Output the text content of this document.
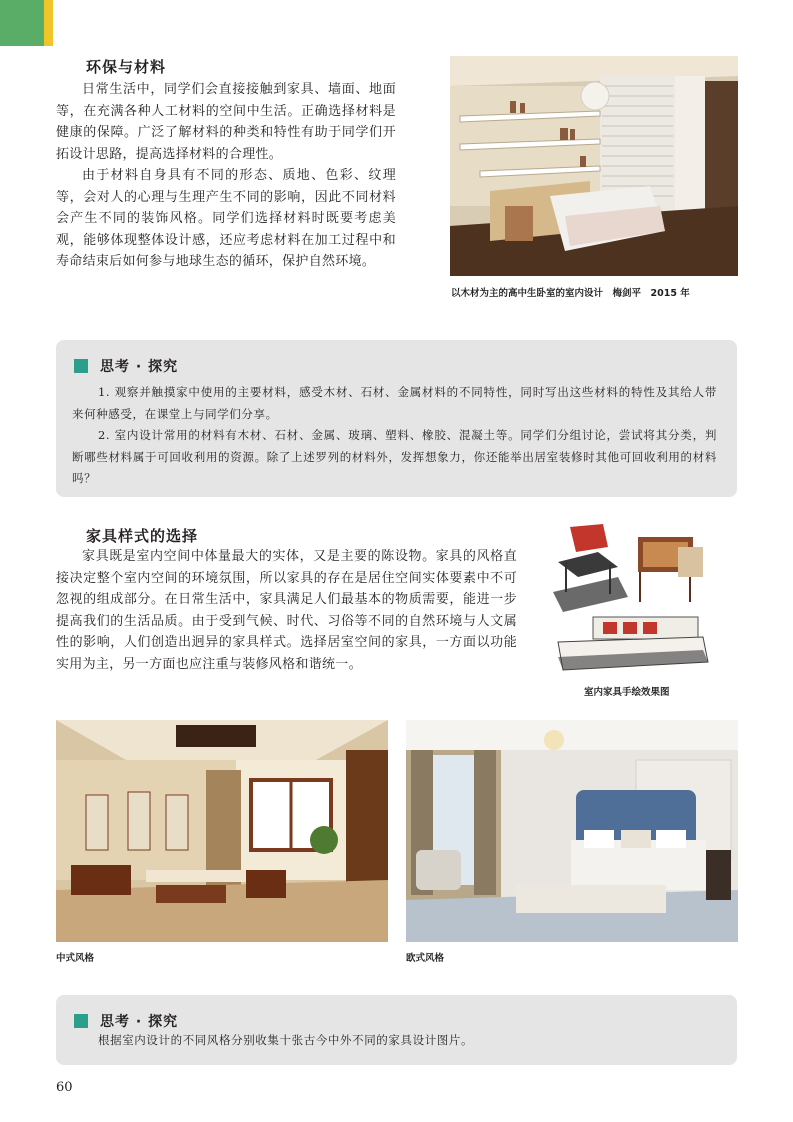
环保与材料

日常生活中，同学们会直接接触到家具、墙面、地面等，在充满各种人工材料的空间中生活。正确选择材料是健康的保障。广泛了解材料的种类和特性有助于同学们开拓设计思路，提高选择材料的合理性。

由于材料自身具有不同的形态、质地、色彩、纹理等，会对人的心理与生理产生不同的影响，因此不同材料会产生不同的装饰风格。同学们选择材料时既要考虑美观，能够体现整体设计感，还应考虑材料在加工过程中和寿命结束后如何参与地球生态的循环，保护自然环境。

以木材为主的高中生卧室的室内设计　梅剑平　2015 年
思考 · 探究

1. 观察并触摸家中使用的主要材料，感受木材、石材、金属材料的不同特性，同时写出这些材料的特性及其给人带来何种感受，在课堂上与同学们分享。

2. 室内设计常用的材料有木材、石材、金属、玻璃、塑料、橡胶、混凝土等。同学们分组讨论，尝试将其分类，判断哪些材料属于可回收利用的资源。除了上述罗列的材料外，发挥想象力，你还能举出居室装修时其他可回收利用的材料吗？

家具样式的选择

家具既是室内空间中体量最大的实体，又是主要的陈设物。家具的风格直接决定整个室内空间的环境氛围，所以家具的存在是居住空间实体要素中不可忽视的组成部分。在日常生活中，家具满足人们最基本的物质需要，能进一步提高我们的生活品质。由于受到气候、时代、习俗等不同的自然环境与人文属性的影响，人们创造出迥异的家具样式。选择居室空间的家具，一方面以功能实用为主，另一方面也应注重与装修风格和谐统一。

室内家具手绘效果图
中式风格	欧式风格
思考 · 探究

根据室内设计的不同风格分别收集十张古今中外不同的家具设计图片。

60
